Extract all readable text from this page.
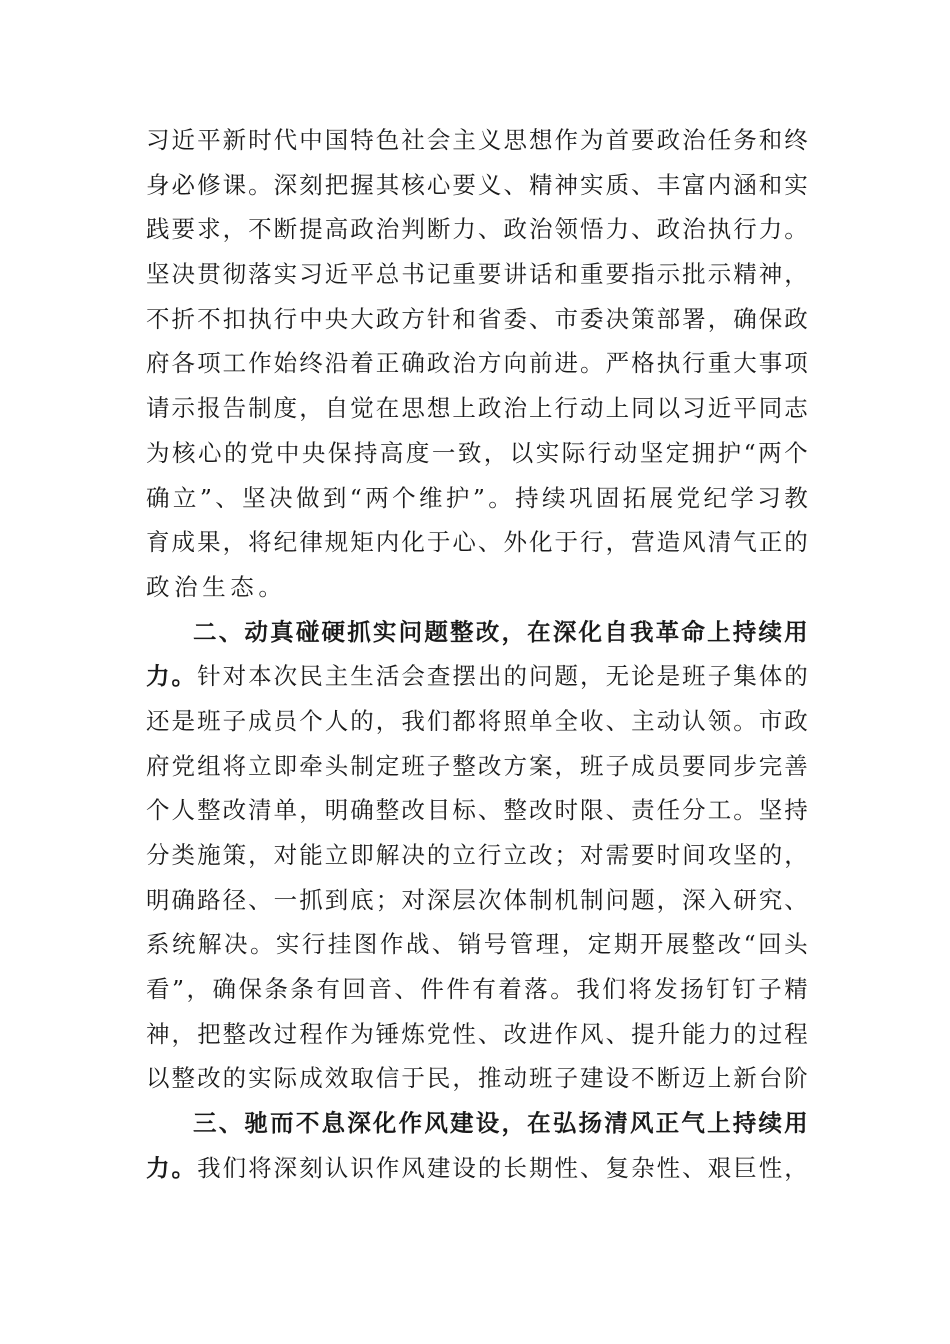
习 近 平 新 时 代 中 国 特 色 社 会 主 义 思 想 作 为 首 要 政 治 任 务 和 终
身 必 修 课 。 深 刻 把 握 其 核 心 要 义 、 精 神 实 质 、 丰 富 内 涵 和 实
践 要 求 ， 不 断 提 高 政 治 判 断 力 、 政 治 领 悟 力 、 政 治 执 行 力 。
坚 决 贯 彻 落 实 习 近 平 总 书 记 重 要 讲 话 和 重 要 指 示 批 示 精 神 ，
不 折 不 扣 执 行 中 央 大 政 方 针 和 省 委 、 市 委 决 策 部 署 ， 确 保 政
府 各 项 工 作 始 终 沿 着 正 确 政 治 方 向 前 进 。 严 格 执 行 重 大 事 项
请 示 报 告 制 度 ， 自 觉 在 思 想 上 政 治 上 行 动 上 同 以 习 近 平 同 志
为 核 心 的 党 中 央 保 持 高 度 一 致 ， 以 实 际 行 动 坚 定 拥 护 “ 两 个
确 立 ” 、 坚 决 做 到 “ 两 个 维 护 ” 。 持 续 巩 固 拓 展 党 纪 学 习 教
育 成 果 ， 将 纪 律 规 矩 内 化 于 心 、 外 化 于 行 ， 营 造 风 清 气 正 的
政治生态。
二 、 动 真 碰 硬 抓 实 问 题 整 改 ， 在 深 化 自 我 革 命 上 持 续 用
力 。 针 对 本 次 民 主 生 活 会 查 摆 出 的 问 题 ， 无 论 是 班 子 集 体 的
还 是 班 子 成 员 个 人 的 ， 我 们 都 将 照 单 全 收 、 主 动 认 领 。 市 政
府 党 组 将 立 即 牵 头 制 定 班 子 整 改 方 案 ， 班 子 成 员 要 同 步 完 善
个 人 整 改 清 单 ， 明 确 整 改 目 标 、 整 改 时 限 、 责 任 分 工 。 坚 持
分 类 施 策 ， 对 能 立 即 解 决 的 立 行 立 改 ； 对 需 要 时 间 攻 坚 的 ，
明 确 路 径 、 一 抓 到 底 ； 对 深 层 次 体 制 机 制 问 题 ， 深 入 研 究 、
系 统 解 决 。 实 行 挂 图 作 战 、 销 号 管 理 ， 定 期 开 展 整 改 “ 回 头
看 ” ， 确 保 条 条 有 回 音 、 件 件 有 着 落 。 我 们 将 发 扬 钉 钉 子 精
神 ， 把 整 改 过 程 作 为 锤 炼 党 性 、 改 进 作 风 、 提 升 能 力 的 过 程
以 整 改 的 实 际 成 效 取 信 于 民 ， 推 动 班 子 建 设 不 断 迈 上 新 台 阶
三 、 驰 而 不 息 深 化 作 风 建 设 ， 在 弘 扬 清 风 正 气 上 持 续 用
力 。 我 们 将 深 刻 认 识 作 风 建 设 的 长 期 性 、 复 杂 性 、 艰 巨 性 ，
